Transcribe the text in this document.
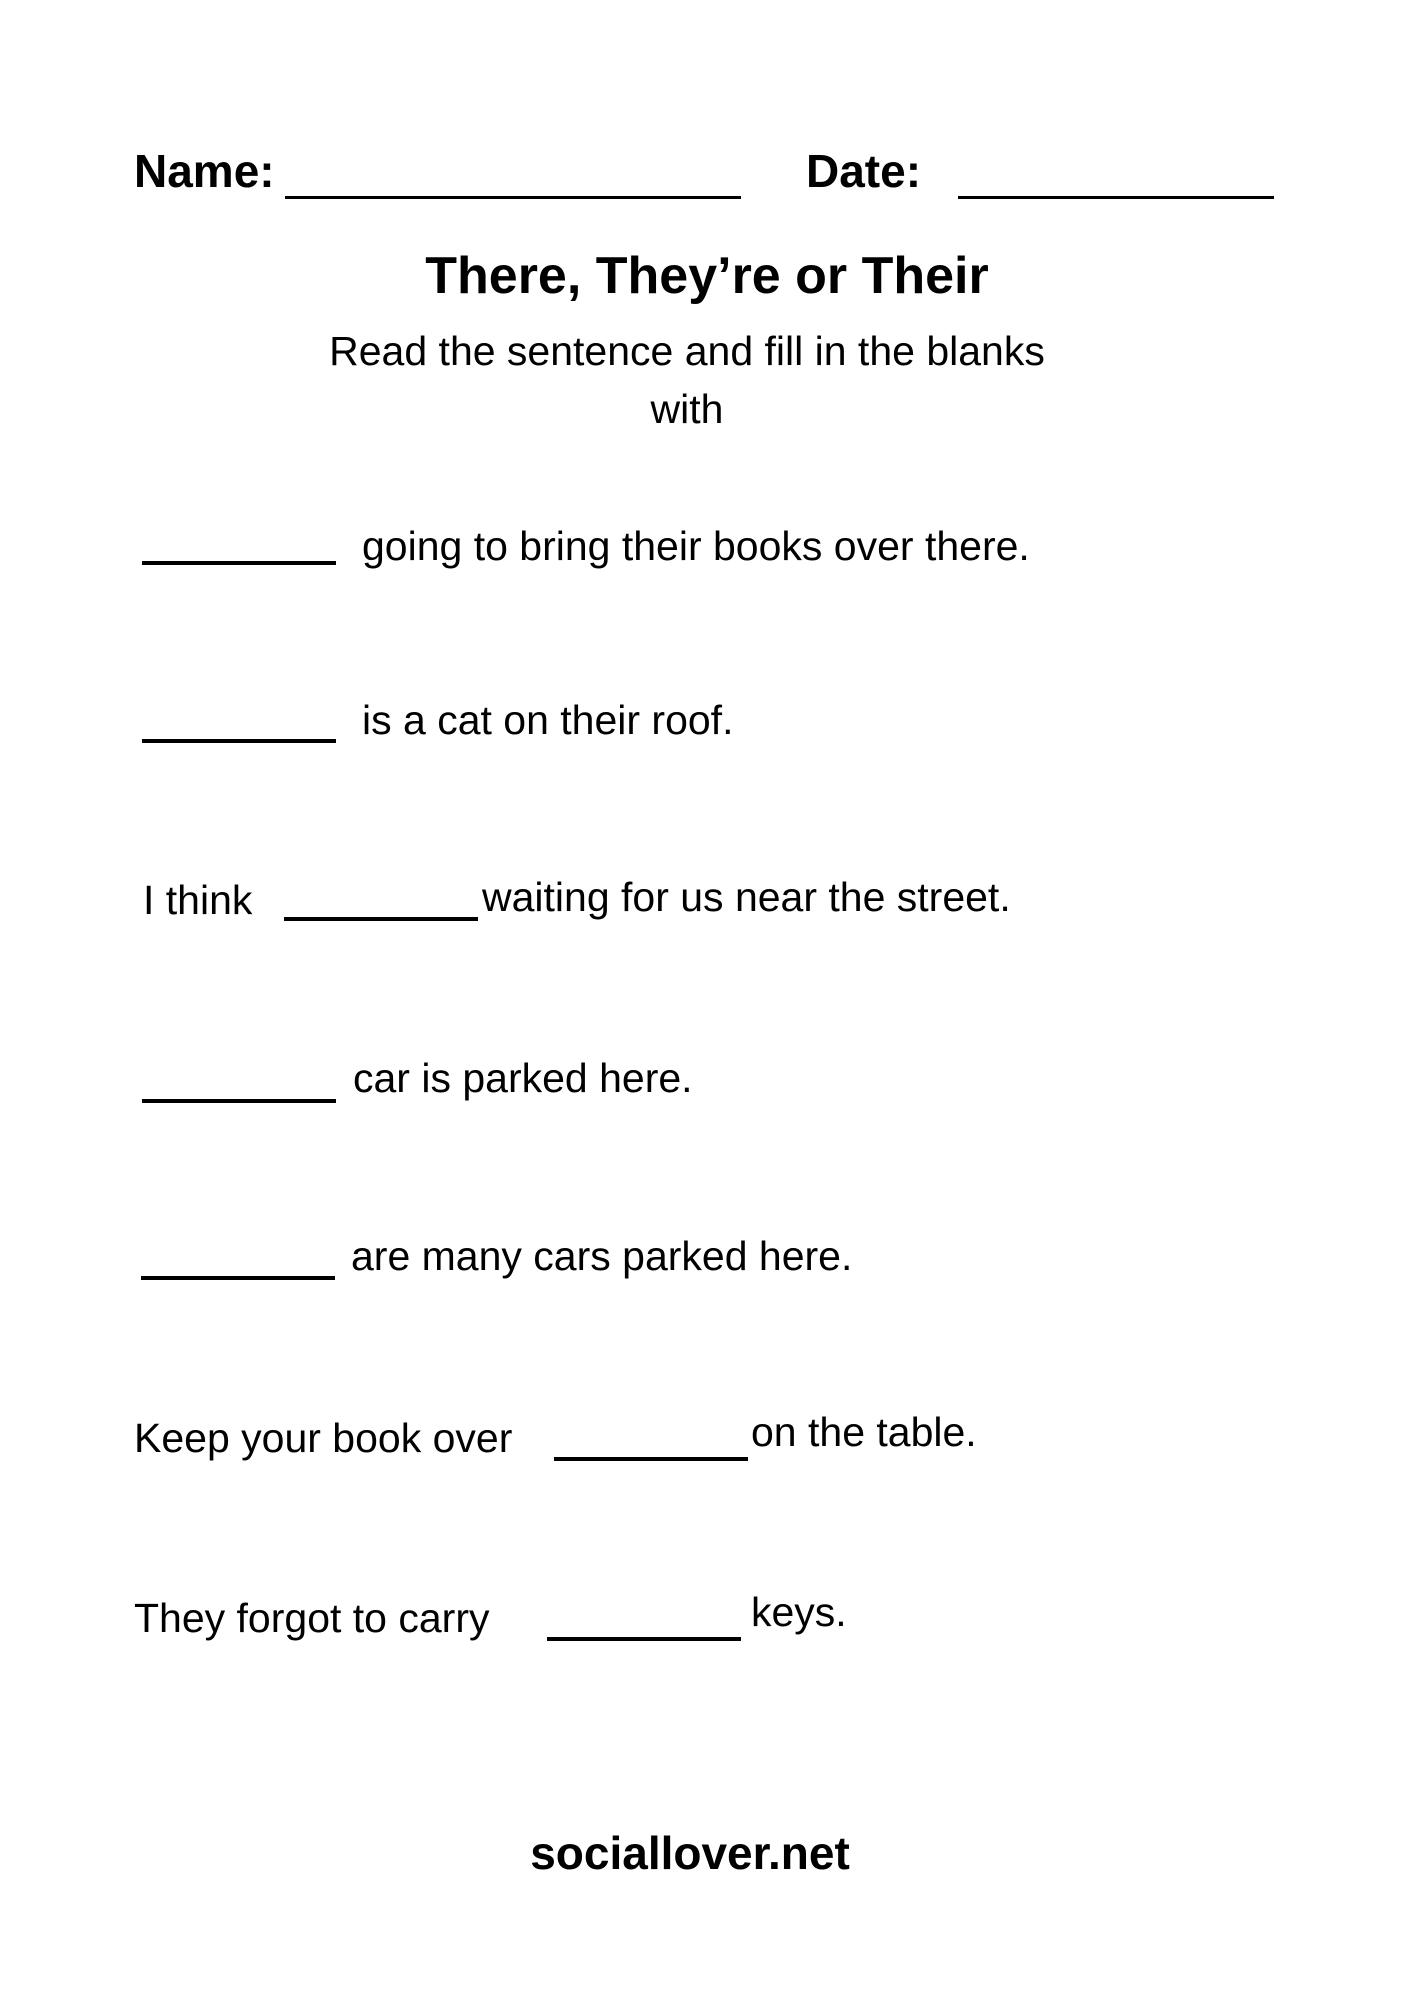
Name:	Date:
There, They’re or Their
Read the sentence and fill in the blanks
with
going to bring their books over there.
is a cat on their roof.
I think	waiting for us near the street.
car is parked here.
are many cars parked here.
Keep your book over	on the table.
They forgot to carry	keys.
sociallover.net
